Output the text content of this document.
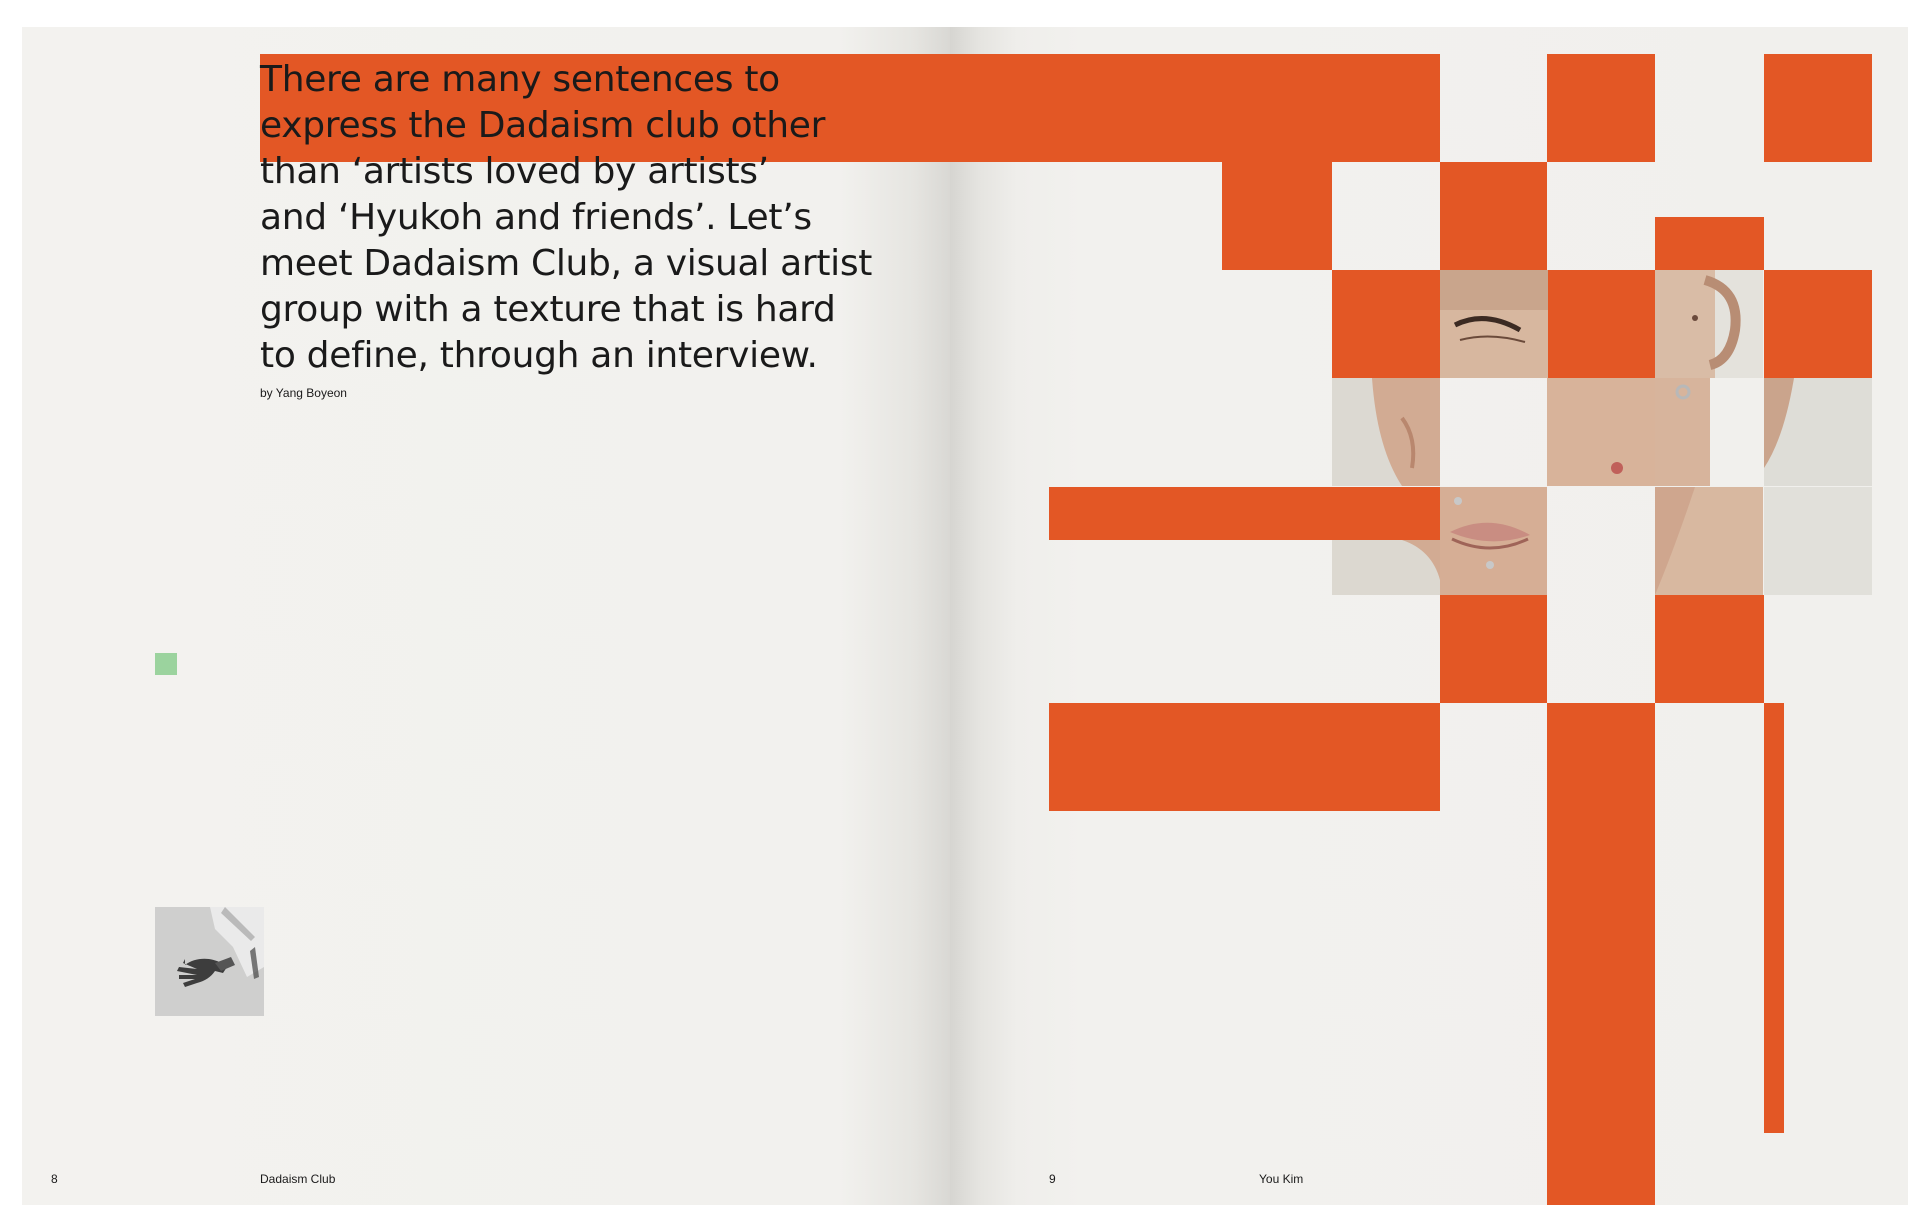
There are many sentences to
express the Dadaism club other
than ‘artists loved by artists’
and ‘Hyukoh and friends’. Let’s
meet Dadaism Club, a visual artist
group with a texture that is hard
to define, through an interview.

by Yang Boyeon
8	Dadaism Club	9	You Kim
